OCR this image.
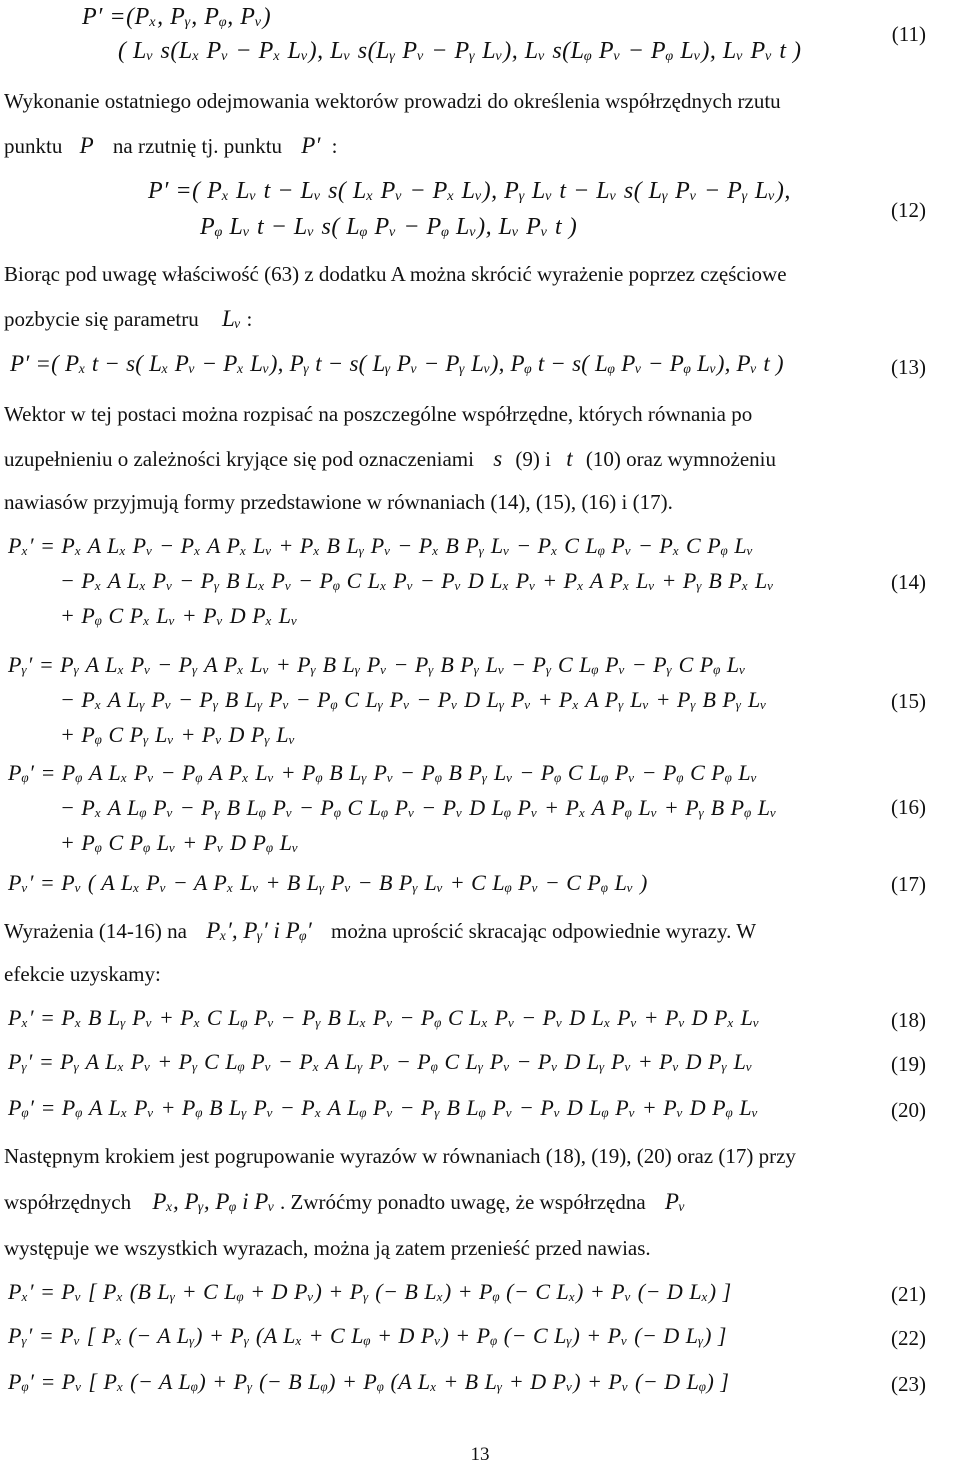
P′ =(Pₓ, Pᵧ, Pᵩ, Pᵥ)
( Lᵥ s(Lₓ Pᵥ − Pₓ Lᵥ), Lᵥ s(Lᵧ Pᵥ − Pᵧ Lᵥ), Lᵥ s(Lᵩ Pᵥ − Pᵩ Lᵥ), Lᵥ Pᵥ t )
(11)
Wykonanie ostatniego odejmowania wektorów prowadzi do określenia współrzędnych rzutu
punktu P na rzutnię tj. punktu P′ :
P′ =( Pₓ Lᵥ t − Lᵥ s( Lₓ Pᵥ − Pₓ Lᵥ), Pᵧ Lᵥ t − Lᵥ s( Lᵧ Pᵥ − Pᵧ Lᵥ),
Pᵩ Lᵥ t − Lᵥ s( Lᵩ Pᵥ − Pᵩ Lᵥ), Lᵥ Pᵥ t )
(12)
Biorąc pod uwagę właściwość (63) z dodatku A można skrócić wyrażenie poprzez częściowe
pozbycie się parametru Lᵥ :
P′ =( Pₓ t − s( Lₓ Pᵥ − Pₓ Lᵥ), Pᵧ t − s( Lᵧ Pᵥ − Pᵧ Lᵥ), Pᵩ t − s( Lᵩ Pᵥ − Pᵩ Lᵥ), Pᵥ t )	(13)
Wektor w tej postaci można rozpisać na poszczególne współrzędne, których równania po
uzupełnieniu o zależności kryjące się pod oznaczeniami s (9) i t (10) oraz wymnożeniu
nawiasów przyjmują formy przedstawione w równaniach (14), (15), (16) i (17).
Pₓ′ = Pₓ A Lₓ Pᵥ − Pₓ A Pₓ Lᵥ + Pₓ B Lᵧ Pᵥ − Pₓ B Pᵧ Lᵥ − Pₓ C Lᵩ Pᵥ − Pₓ C Pᵩ Lᵥ
− Pₓ A Lₓ Pᵥ − Pᵧ B Lₓ Pᵥ − Pᵩ C Lₓ Pᵥ − Pᵥ D Lₓ Pᵥ + Pₓ A Pₓ Lᵥ + Pᵧ B Pₓ Lᵥ
+ Pᵩ C Pₓ Lᵥ + Pᵥ D Pₓ Lᵥ
(14)
Pᵧ′ = Pᵧ A Lₓ Pᵥ − Pᵧ A Pₓ Lᵥ + Pᵧ B Lᵧ Pᵥ − Pᵧ B Pᵧ Lᵥ − Pᵧ C Lᵩ Pᵥ − Pᵧ C Pᵩ Lᵥ
− Pₓ A Lᵧ Pᵥ − Pᵧ B Lᵧ Pᵥ − Pᵩ C Lᵧ Pᵥ − Pᵥ D Lᵧ Pᵥ + Pₓ A Pᵧ Lᵥ + Pᵧ B Pᵧ Lᵥ
+ Pᵩ C Pᵧ Lᵥ + Pᵥ D Pᵧ Lᵥ
(15)
Pᵩ′ = Pᵩ A Lₓ Pᵥ − Pᵩ A Pₓ Lᵥ + Pᵩ B Lᵧ Pᵥ − Pᵩ B Pᵧ Lᵥ − Pᵩ C Lᵩ Pᵥ − Pᵩ C Pᵩ Lᵥ
− Pₓ A Lᵩ Pᵥ − Pᵧ B Lᵩ Pᵥ − Pᵩ C Lᵩ Pᵥ − Pᵥ D Lᵩ Pᵥ + Pₓ A Pᵩ Lᵥ + Pᵧ B Pᵩ Lᵥ
+ Pᵩ C Pᵩ Lᵥ + Pᵥ D Pᵩ Lᵥ
(16)
Pᵥ′ = Pᵥ ( A Lₓ Pᵥ − A Pₓ Lᵥ + B Lᵧ Pᵥ − B Pᵧ Lᵥ + C Lᵩ Pᵥ − C Pᵩ Lᵥ )	(17)
Wyrażenia (14-16) na Pₓ′, Pᵧ′ i Pᵩ′ można uprościć skracając odpowiednie wyrazy. W
efekcie uzyskamy:
Pₓ′ = Pₓ B Lᵧ Pᵥ + Pₓ C Lᵩ Pᵥ − Pᵧ B Lₓ Pᵥ − Pᵩ C Lₓ Pᵥ − Pᵥ D Lₓ Pᵥ + Pᵥ D Pₓ Lᵥ	(18)
Pᵧ′ = Pᵧ A Lₓ Pᵥ + Pᵧ C Lᵩ Pᵥ − Pₓ A Lᵧ Pᵥ − Pᵩ C Lᵧ Pᵥ − Pᵥ D Lᵧ Pᵥ + Pᵥ D Pᵧ Lᵥ	(19)
Pᵩ′ = Pᵩ A Lₓ Pᵥ + Pᵩ B Lᵧ Pᵥ − Pₓ A Lᵩ Pᵥ − Pᵧ B Lᵩ Pᵥ − Pᵥ D Lᵩ Pᵥ + Pᵥ D Pᵩ Lᵥ	(20)
Następnym krokiem jest pogrupowanie wyrazów w równaniach (18), (19), (20) oraz (17) przy
współrzędnych Pₓ, Pᵧ, Pᵩ i Pᵥ . Zwróćmy ponadto uwagę, że współrzędna Pᵥ
występuje we wszystkich wyrazach, można ją zatem przenieść przed nawias.
Pₓ′ = Pᵥ [ Pₓ (B Lᵧ + C Lᵩ + D Pᵥ) + Pᵧ (− B Lₓ) + Pᵩ (− C Lₓ) + Pᵥ (− D Lₓ) ]	(21)
Pᵧ′ = Pᵥ [ Pₓ (− A Lᵧ) + Pᵧ (A Lₓ + C Lᵩ + D Pᵥ) + Pᵩ (− C Lᵧ) + Pᵥ (− D Lᵧ) ]	(22)
Pᵩ′ = Pᵥ [ Pₓ (− A Lᵩ) + Pᵧ (− B Lᵩ) + Pᵩ (A Lₓ + B Lᵧ + D Pᵥ) + Pᵥ (− D Lᵩ) ]	(23)
13
